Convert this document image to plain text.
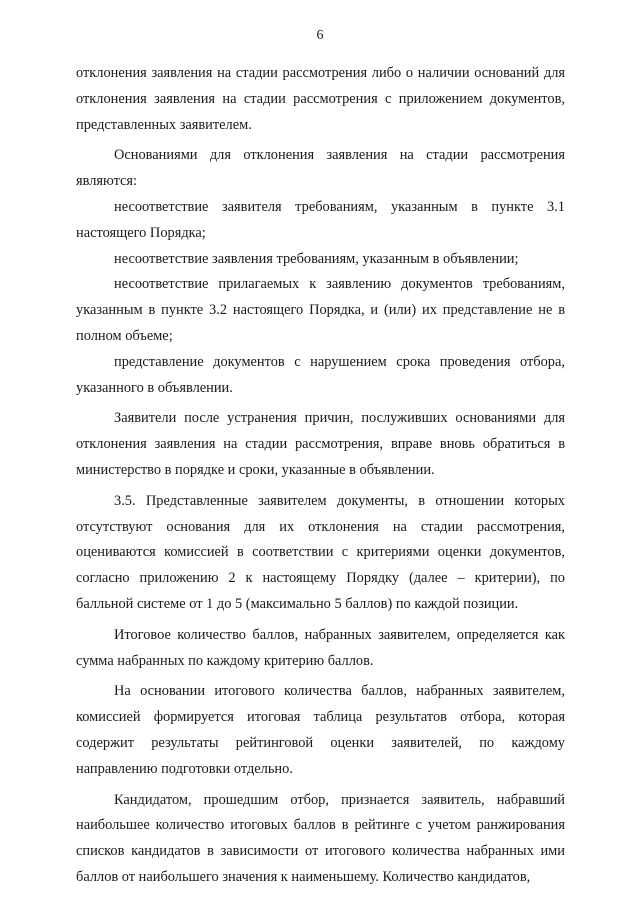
6

отклонения заявления на стадии рассмотрения либо о наличии оснований для отклонения заявления на стадии рассмотрения с приложением документов, представленных заявителем.

Основаниями для отклонения заявления на стадии рассмотрения являются:

несоответствие заявителя требованиям, указанным в пункте 3.1 настоящего Порядка;

несоответствие заявления требованиям, указанным в объявлении;

несоответствие прилагаемых к заявлению документов требованиям, указанным в пункте 3.2 настоящего Порядка, и (или) их представление не в полном объеме;

представление документов с нарушением срока проведения отбора, указанного в объявлении.

Заявители после устранения причин, послуживших основаниями для отклонения заявления на стадии рассмотрения, вправе вновь обратиться в министерство в порядке и сроки, указанные в объявлении.

3.5. Представленные заявителем документы, в отношении которых отсутствуют основания для их отклонения на стадии рассмотрения, оцениваются комиссией в соответствии с критериями оценки документов, согласно приложению 2 к настоящему Порядку (далее – критерии), по балльной системе от 1 до 5 (максимально 5 баллов) по каждой позиции.

Итоговое количество баллов, набранных заявителем, определяется как сумма набранных по каждому критерию баллов.

На основании итогового количества баллов, набранных заявителем, комиссией формируется итоговая таблица результатов отбора, которая содержит результаты рейтинговой оценки заявителей, по каждому направлению подготовки отдельно.

Кандидатом, прошедшим отбор, признается заявитель, набравший наибольшее количество итоговых баллов в рейтинге с учетом ранжирования списков кандидатов в зависимости от итогового количества набранных ими баллов от наибольшего значения к наименьшему. Количество кандидатов,
